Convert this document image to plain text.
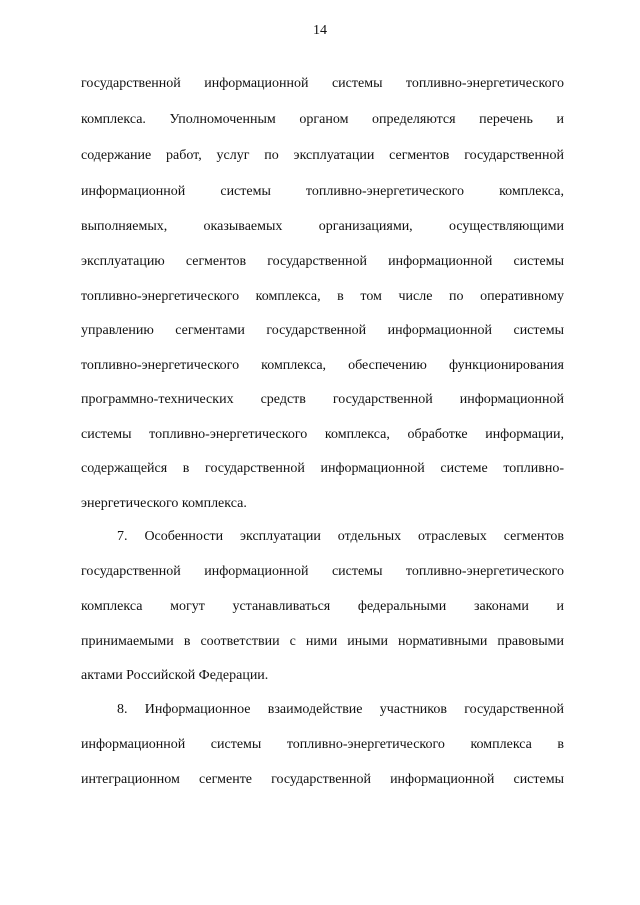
14
государственной информационной системы топливно-энергетического
комплекса. Уполномоченным органом определяются перечень и
содержание работ, услуг по эксплуатации сегментов государственной
информационной системы топливно-энергетического комплекса,
выполняемых, оказываемых организациями, осуществляющими
эксплуатацию сегментов государственной информационной системы
топливно-энергетического комплекса, в том числе по оперативному
управлению сегментами государственной информационной системы
топливно-энергетического комплекса, обеспечению функционирования
программно-технических средств государственной информационной
системы топливно-энергетического комплекса, обработке информации,
содержащейся в государственной информационной системе топливно-
энергетического комплекса.
7. Особенности эксплуатации отдельных отраслевых сегментов
государственной информационной системы топливно-энергетического
комплекса могут устанавливаться федеральными законами и
принимаемыми в соответствии с ними иными нормативными правовыми
актами Российской Федерации.
8. Информационное взаимодействие участников государственной
информационной системы топливно-энергетического комплекса в
интеграционном сегменте государственной информационной системы
